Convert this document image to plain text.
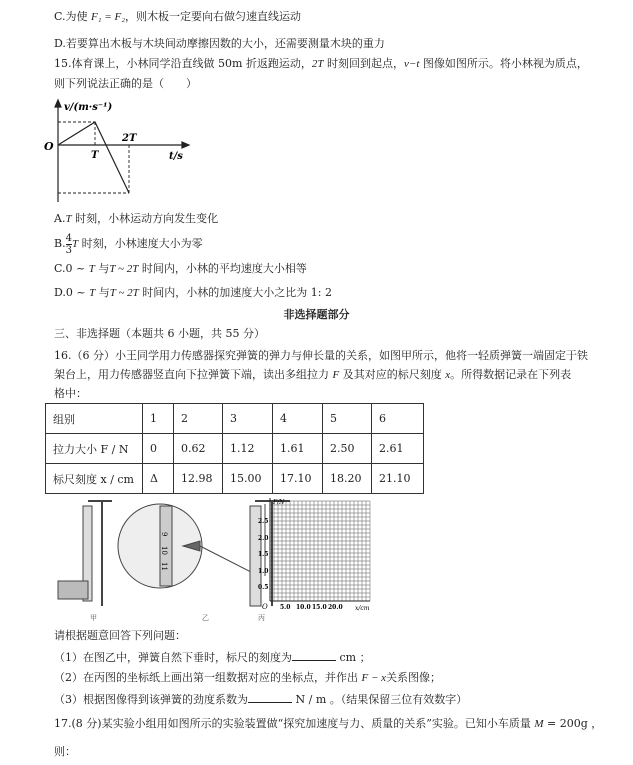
C.为使 F₁ = F₂，则木板一定要向右做匀速直线运动
D.若要算出木板与木块间动摩擦因数的大小，还需要测量木块的重力
15.体育课上，小林同学沿直线做 50m 折返跑运动，2T 时刻回到起点，v−t 图像如图所示。将小林视为质点，
则下列说法正确的是（　　）
v/(m·s⁻¹)
O
T
2T
t/s
A.T 时刻，小林运动方向发生变化
B. $\frac{4}{3}$ T 时刻，小林速度大小为零
C.0 ~ T 与T ~ 2T 时间内，小林的平均速度大小相等
D.0 ~ T 与T ~ 2T 时间内，小林的加速度大小之比为 1: 2
非选择题部分
三、非选择题（本题共 6 小题，共 55 分）
16.（6 分）小王同学用力传感器探究弹簧的弹力与伸长量的关系，如图甲所示，他将一轻质弹簧一端固定于铁
架台上，用力传感器竖直向下拉弹簧下端，读出多组拉力 F 及其对应的标尺刻度 x。所得数据记录在下列表
格中：
组别	1	2	3	4	5	6
拉力大小 F / N	0	0.62	1.12	1.61	2.50	2.61
标尺刻度 x / cm	Δ	12.98	15.00	17.10	18.20	21.10
9
10
11
F/N
x/cm
O
2.5
2.0
1.5
1.0
0.5
5.0 10.0 15.0 20.0
甲	乙	丙
请根据题意回答下列问题：
（1）在图乙中，弹簧自然下垂时，标尺的刻度为	cm ；
（2）在丙图的坐标纸上画出第一组数据对应的坐标点，并作出 F − x关系图像；
（3）根据图像得到该弹簧的劲度系数为	N / m 。（结果保留三位有效数字）
17.(8 分)某实验小组用如图所示的实验装置做“探究加速度与力、质量的关系”实验。已知小车质量 M = 200g ，
则：
